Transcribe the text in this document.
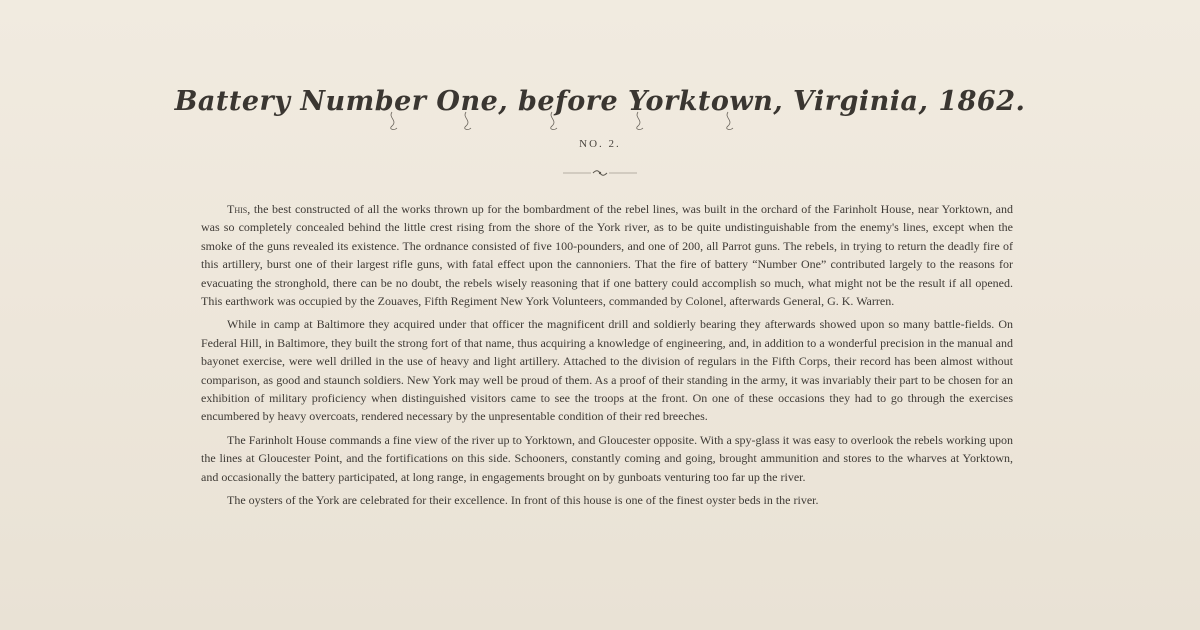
Battery Number One, before Yorktown, Virginia, 1862.
NO. 2.

This, the best constructed of all the works thrown up for the bombardment of the rebel lines, was built in the orchard of the Farinholt House, near Yorktown, and was so completely concealed behind the little crest rising from the shore of the York river, as to be quite undistinguishable from the enemy's lines, except when the smoke of the guns revealed its existence. The ordnance consisted of five 100-pounders, and one of 200, all Parrot guns. The rebels, in trying to return the deadly fire of this artillery, burst one of their largest rifle guns, with fatal effect upon the cannoniers. That the fire of battery “Number One” contributed largely to the reasons for evacuating the stronghold, there can be no doubt, the rebels wisely reasoning that if one battery could accomplish so much, what might not be the result if all opened. This earthwork was occupied by the Zouaves, Fifth Regiment New York Volunteers, commanded by Colonel, afterwards General, G. K. Warren.

While in camp at Baltimore they acquired under that officer the magnificent drill and soldierly bearing they afterwards showed upon so many battle-fields. On Federal Hill, in Baltimore, they built the strong fort of that name, thus acquiring a knowledge of engineering, and, in addition to a wonderful precision in the manual and bayonet exercise, were well drilled in the use of heavy and light artillery. Attached to the division of regulars in the Fifth Corps, their record has been almost without comparison, as good and staunch soldiers. New York may well be proud of them. As a proof of their standing in the army, it was invariably their part to be chosen for an exhibition of military proficiency when distinguished visitors came to see the troops at the front. On one of these occasions they had to go through the exercises encumbered by heavy overcoats, rendered necessary by the unpresentable condition of their red breeches.

The Farinholt House commands a fine view of the river up to Yorktown, and Gloucester opposite. With a spy-glass it was easy to overlook the rebels working upon the lines at Gloucester Point, and the fortifications on this side. Schooners, constantly coming and going, brought ammunition and stores to the wharves at Yorktown, and occasionally the battery participated, at long range, in engagements brought on by gunboats venturing too far up the river.

The oysters of the York are celebrated for their excellence. In front of this house is one of the finest oyster beds in the river.
